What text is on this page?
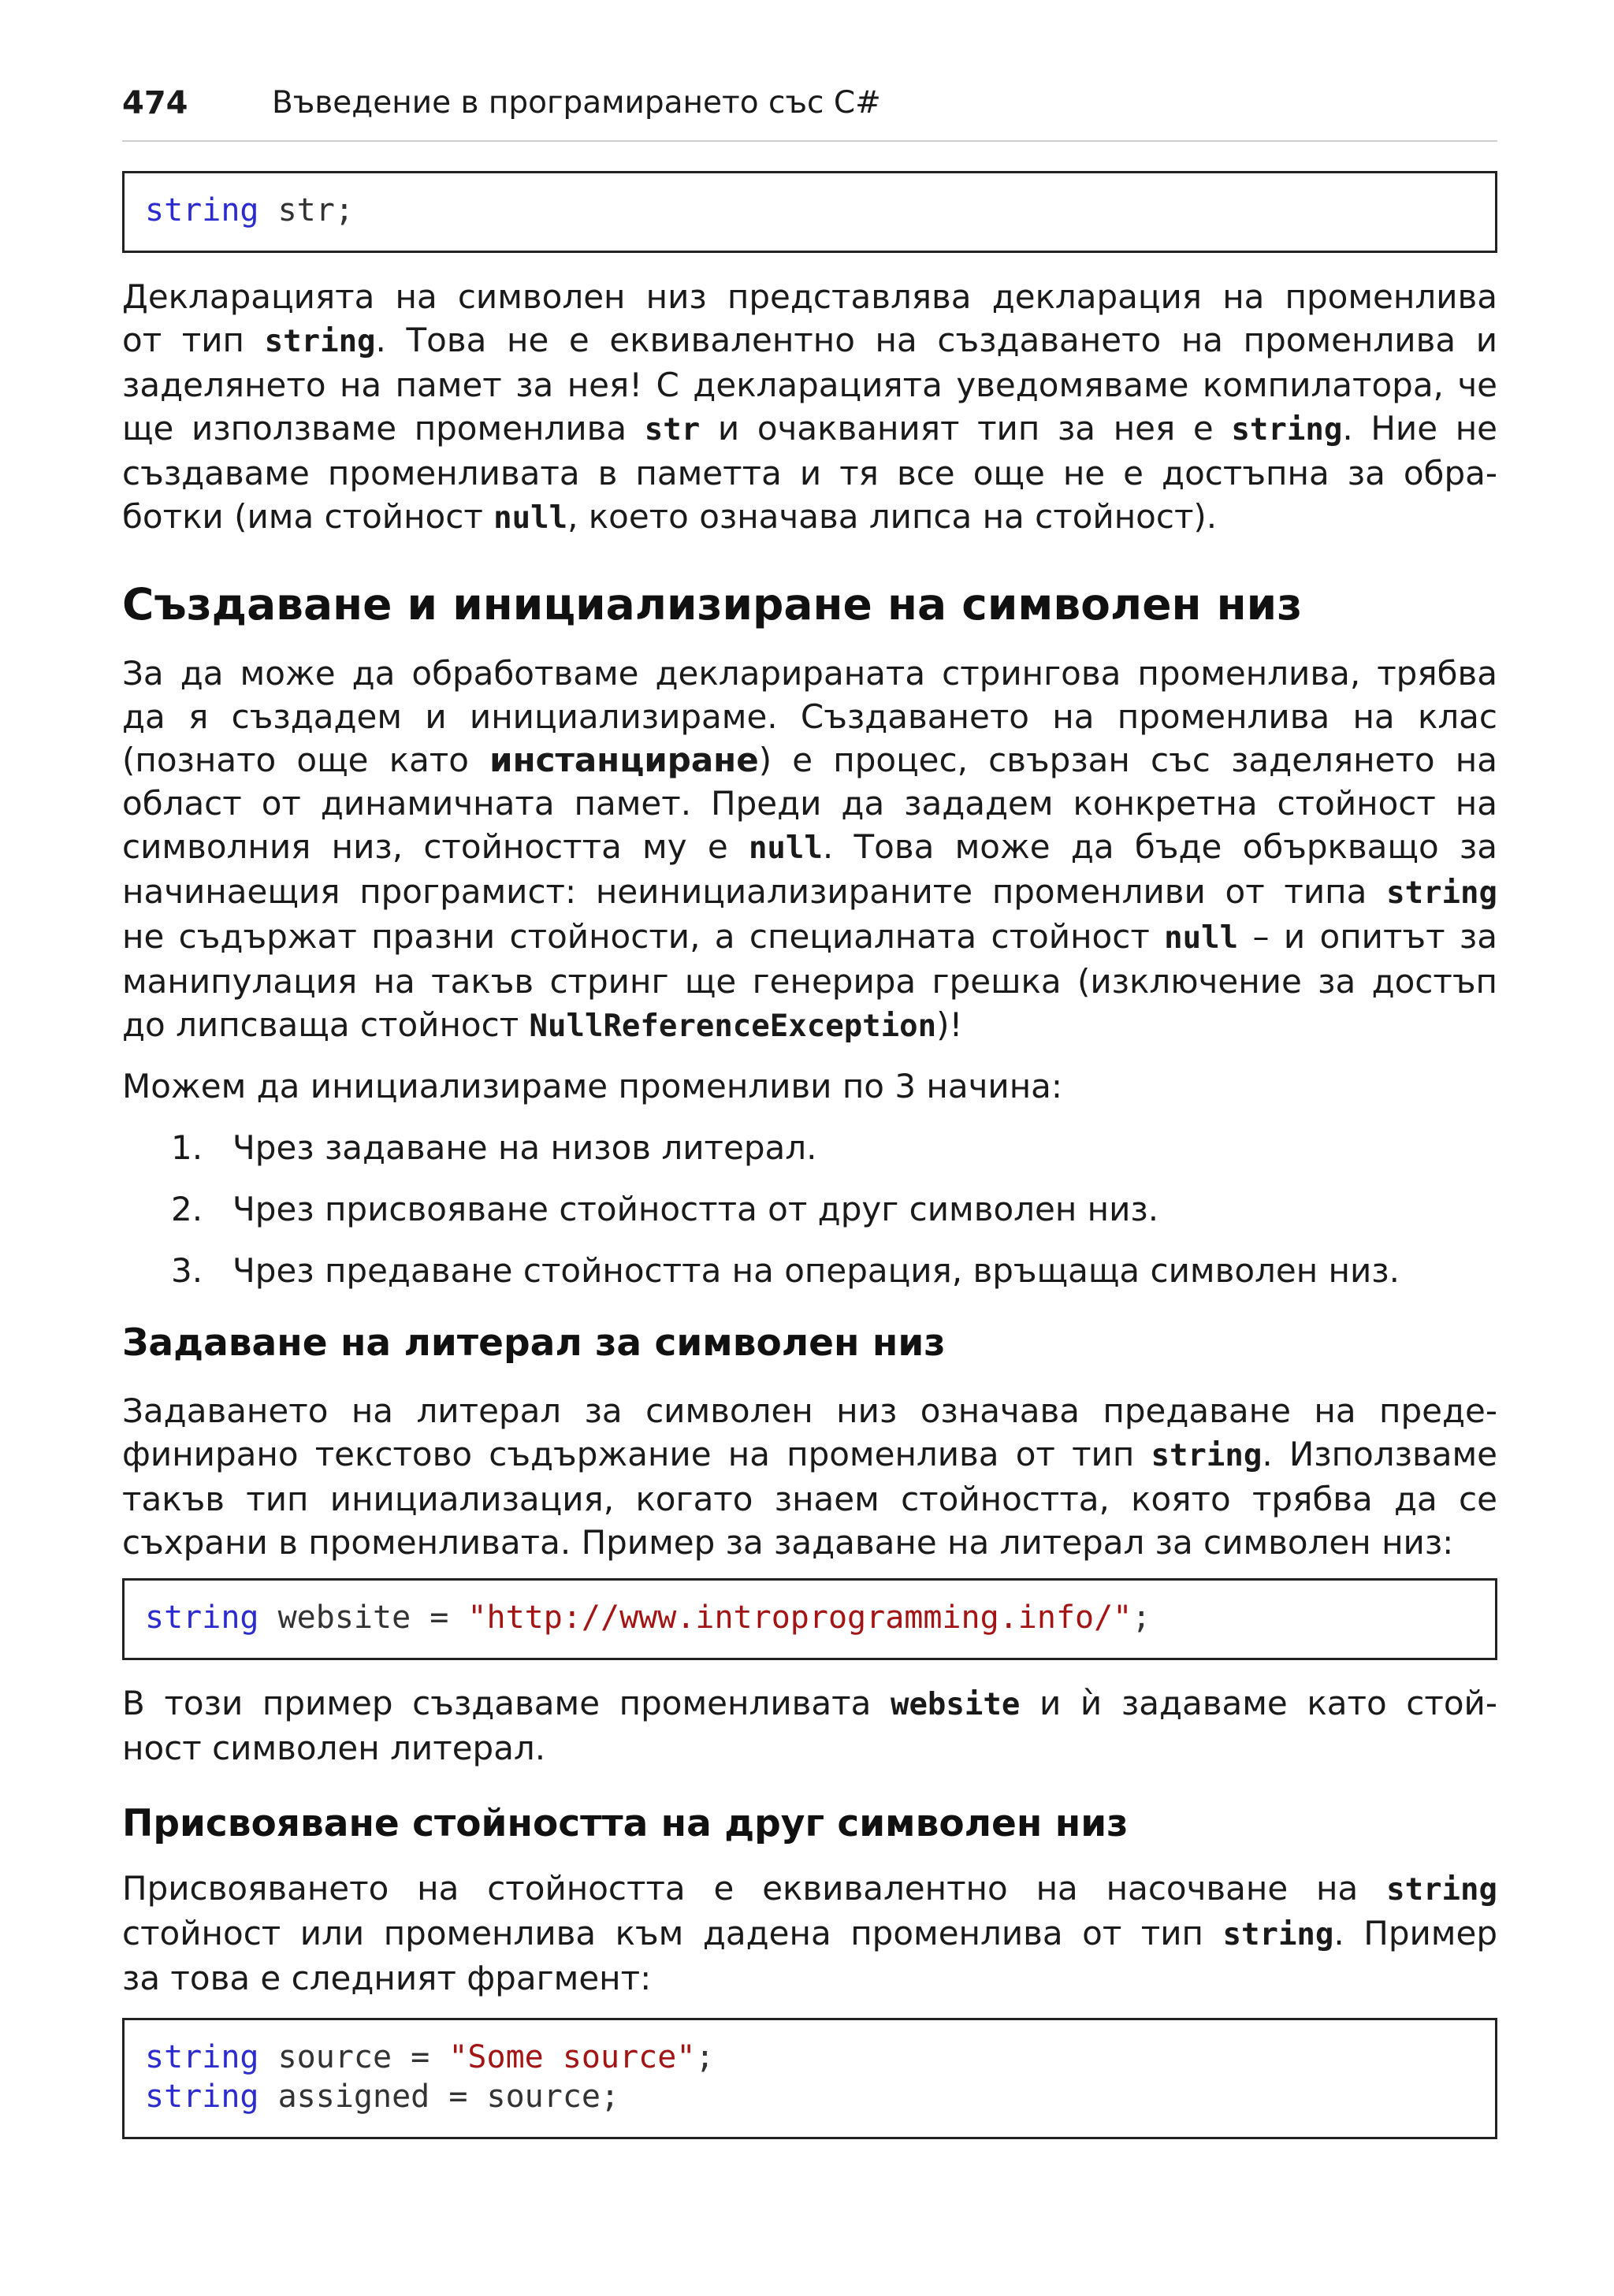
474	Въведение в програмирането със C#
string str;
Декларацията на символен низ представлява декларация на променлива
от тип string. Това не е еквивалентно на създаването на променлива и
заделянето на памет за нея! С декларацията уведомяваме компилатора, че
ще използваме променлива str и очакваният тип за нея е string. Ние не
създаваме променливата в паметта и тя все още не е достъпна за обра-
ботки (има стойност null, което означава липса на стойност).
Създаване и инициализиране на символен низ
За да може да обработваме декларираната стрингова променлива, трябва
да я създадем и инициализираме. Създаването на променлива на клас
(познато още като инстанциране) е процес, свързан със заделянето на
област от динамичната памет. Преди да зададем конкретна стойност на
символния низ, стойността му е null. Това може да бъде объркващо за
начинаещия програмист: неинициализираните променливи от типа string
не съдържат празни стойности, а специалната стойност null – и опитът за
манипулация на такъв стринг ще генерира грешка (изключение за достъп
до липсваща стойност NullReferenceException)!
Можем да инициализираме променливи по 3 начина:
1. Чрез задаване на низов литерал.
2. Чрез присвояване стойността от друг символен низ.
3. Чрез предаване стойността на операция, връщаща символен низ.
Задаване на литерал за символен низ
Задаването на литерал за символен низ означава предаване на преде-
финирано текстово съдържание на променлива от тип string. Използваме
такъв тип инициализация, когато знаем стойността, която трябва да се
съхрани в променливата. Пример за задаване на литерал за символен низ:
string website = "http://www.introprogramming.info/";
В този пример създаваме променливата website и ѝ задаваме като стой-
ност символен литерал.
Присвояване стойността на друг символен низ
Присвояването на стойността е еквивалентно на насочване на string
стойност или променлива към дадена променлива от тип string. Пример
за това е следният фрагмент:
string source = "Some source";
string assigned = source;
